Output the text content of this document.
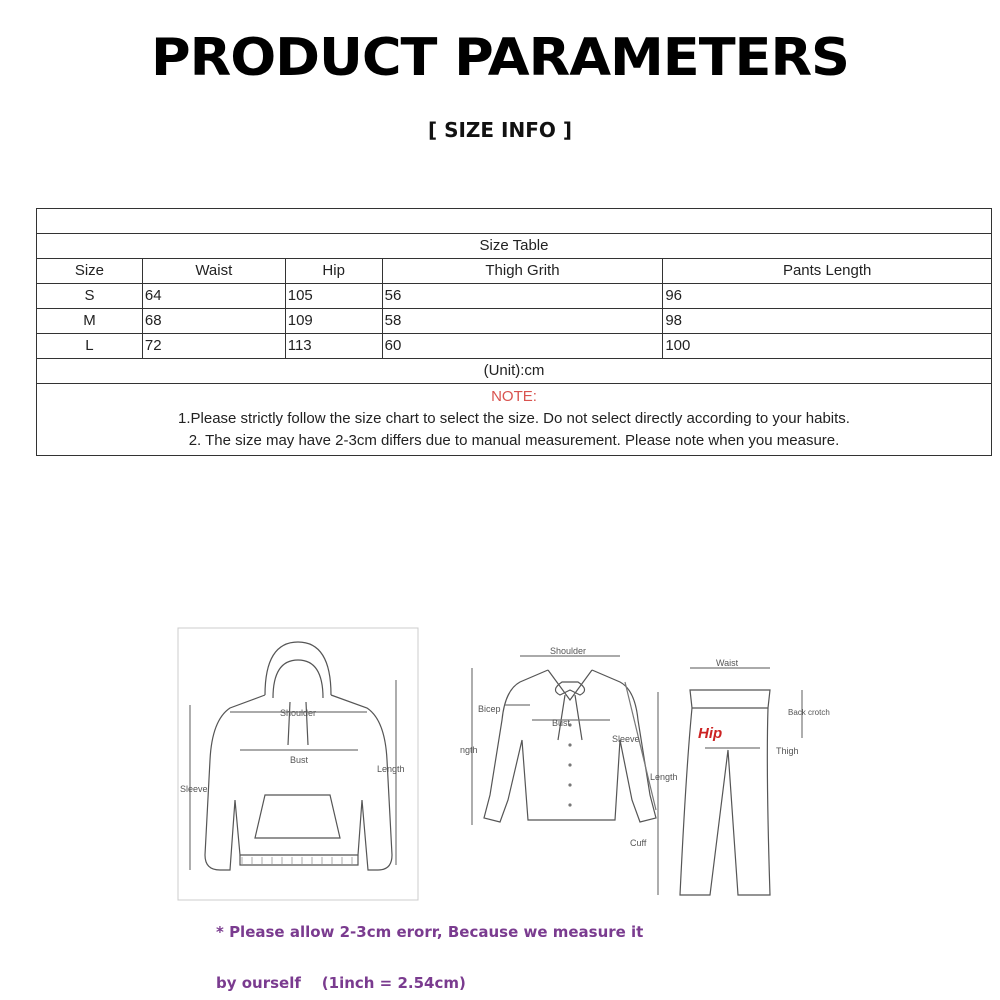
PRODUCT PARAMETERS
[ SIZE INFO ]

Size Table				
Size	Waist	Hip	Thigh Grith	Pants Length
S	64	105	56	96
M	68	109	58	98
L	72	113	60	100
(Unit):cm				

NOTE:
1.Please strictly follow the size chart to select the size. Do not select directly according to your habits.
2. The size may have 2-3cm differs due to manual measurement. Please note when you measure.				
Shoulder
Bust
Sleeve
Length
Shoulder
Bicep
Bust
Sleeve
ngth
Cuff
Waist
Back crotch
Hip
Thigh
Length
* Please allow 2-3cm erorr, Because we measure it
by ourself    (1inch = 2.54cm)
